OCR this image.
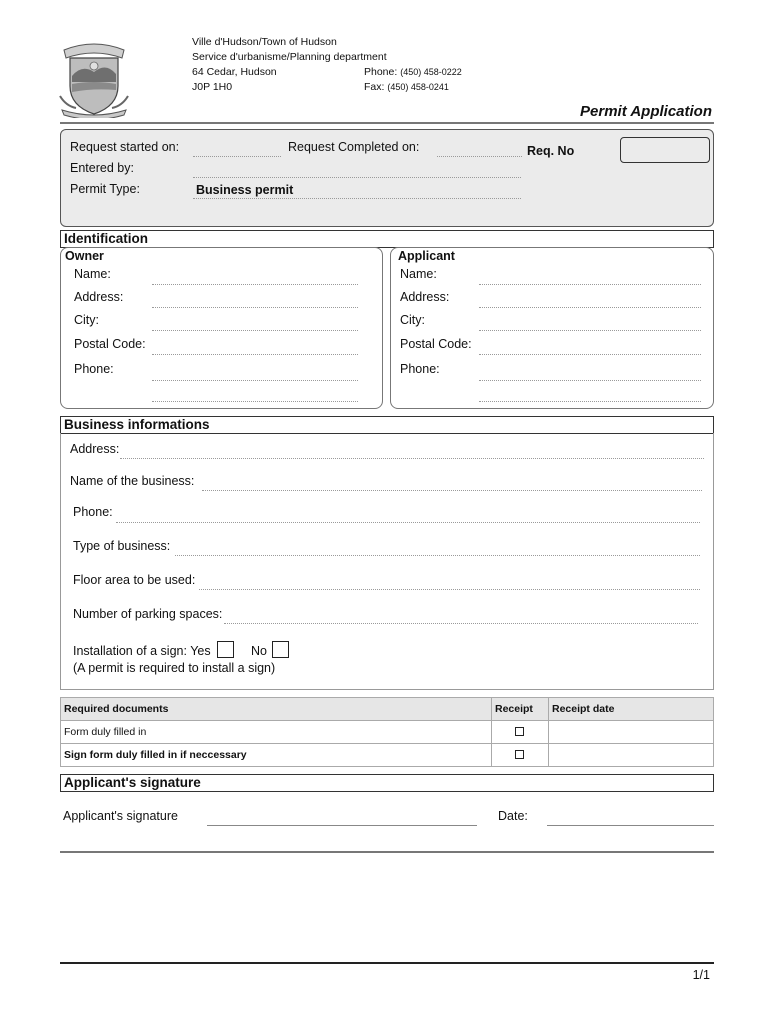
Ville d'Hudson/Town of Hudson
Service d'urbanisme/Planning department
64 Cedar, Hudson
J0P 1H0
Phone: (450) 458-0222
Fax: (450) 458-0241
Permit Application
Request started on:	Request Completed on:	Req. No
Entered by:
Permit Type:	Business permit
Identification
Owner
Name:
Address:
City:
Postal Code:
Phone:
Applicant
Name:
Address:
City:
Postal Code:
Phone:
Business informations
Address:
Name of the business:
Phone:
Type of business:
Floor area to be used:
Number of parking spaces:
Installation of a sign: Yes	No
(A permit is required to install a sign)
Required documents	Receipt	Receipt date
Form duly filled in	

Sign form duly filled in if neccessary	

Applicant's signature
Applicant's signature	Date:
1/1
